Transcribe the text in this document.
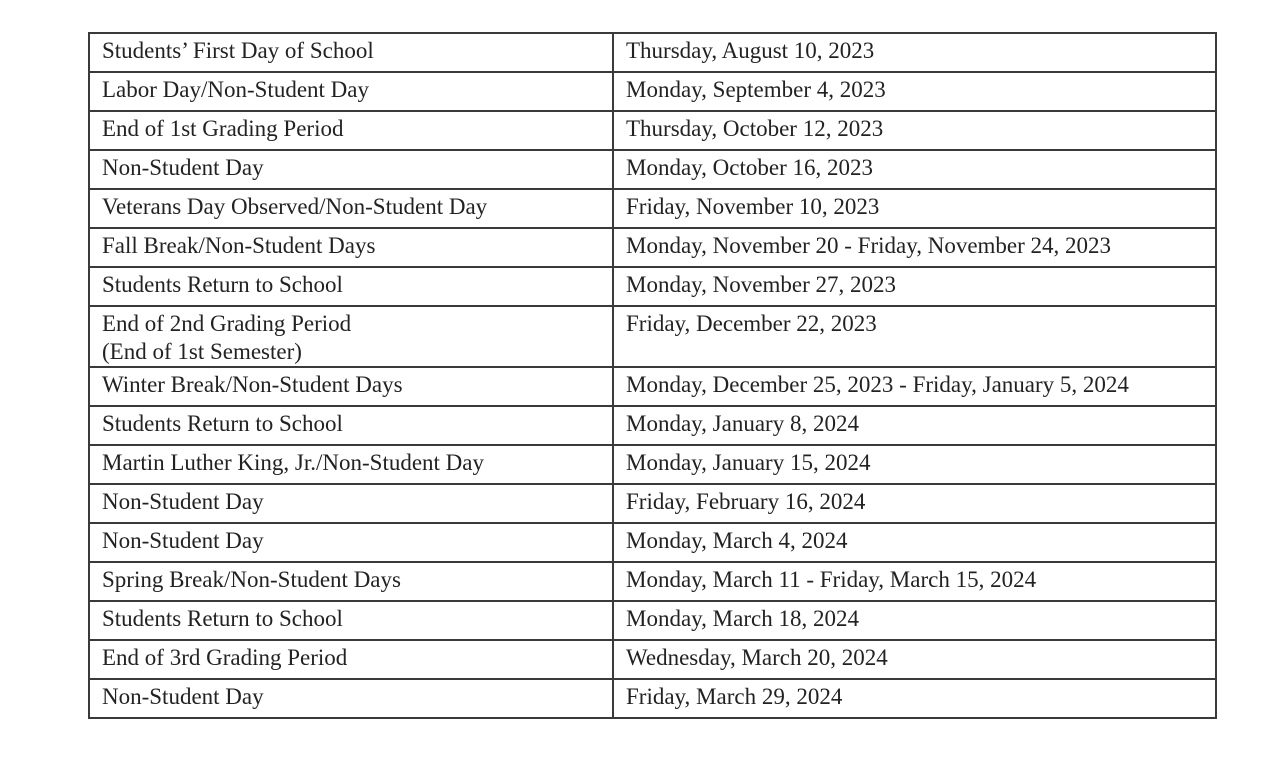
Students’ First Day of School	Thursday, August 10, 2023

Labor Day/Non-Student Day	Monday, September 4, 2023

End of 1st Grading Period	Thursday, October 12, 2023

Non-Student Day	Monday, October 16, 2023

Veterans Day Observed/Non-Student Day	Friday, November 10, 2023

Fall Break/Non-Student Days	Monday, November 20 - Friday, November 24, 2023

Students Return to School	Monday, November 27, 2023

End of 2nd Grading Period
(End of 1st Semester)	Friday, December 22, 2023

Winter Break/Non-Student Days	Monday, December 25, 2023 - Friday, January 5, 2024

Students Return to School	Monday, January 8, 2024

Martin Luther King, Jr./Non-Student Day	Monday, January 15, 2024

Non-Student Day	Friday, February 16, 2024

Non-Student Day	Monday, March 4, 2024

Spring Break/Non-Student Days	Monday, March 11 - Friday, March 15, 2024

Students Return to School	Monday, March 18, 2024

End of 3rd Grading Period	Wednesday, March 20, 2024

Non-Student Day	Friday, March 29, 2024
